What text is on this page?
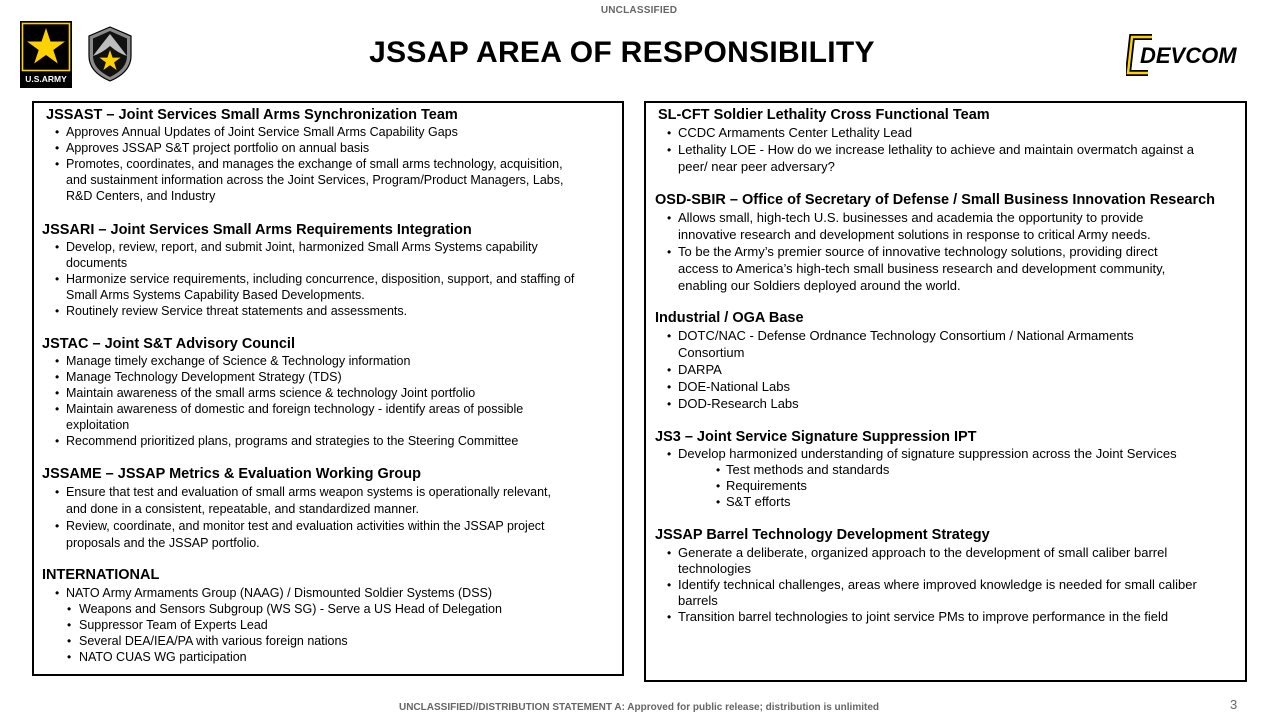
UNCLASSIFIED
U.S.ARMY
DEVCOM
JSSAP AREA OF RESPONSIBILITY
JSSAST – Joint Services Small Arms Synchronization Team
• Approves Annual Updates of Joint Service Small Arms Capability Gaps
• Approves JSSAP S&T project portfolio on annual basis
• Promotes, coordinates, and manages the exchange of small arms technology, acquisition,
and sustainment information across the Joint Services, Program/Product Managers, Labs,
R&D Centers, and Industry
JSSARI – Joint Services Small Arms Requirements Integration
• Develop, review, report, and submit Joint, harmonized Small Arms Systems capability
documents
• Harmonize service requirements, including concurrence, disposition, support, and staffing of
Small Arms Systems Capability Based Developments.
• Routinely review Service threat statements and assessments.
JSTAC – Joint S&T Advisory Council
• Manage timely exchange of Science & Technology information
• Manage Technology Development Strategy (TDS)
• Maintain awareness of the small arms science & technology Joint portfolio
• Maintain awareness of domestic and foreign technology - identify areas of possible
exploitation
• Recommend prioritized plans, programs and strategies to the Steering Committee
JSSAME – JSSAP Metrics & Evaluation Working Group
• Ensure that test and evaluation of small arms weapon systems is operationally relevant,
and done in a consistent, repeatable, and standardized manner.
• Review, coordinate, and monitor test and evaluation activities within the JSSAP project
proposals and the JSSAP portfolio.
INTERNATIONAL
• NATO Army Armaments Group (NAAG) / Dismounted Soldier Systems (DSS)
• Weapons and Sensors Subgroup (WS SG) - Serve a US Head of Delegation
• Suppressor Team of Experts Lead
• Several DEA/IEA/PA with various foreign nations
• NATO CUAS WG participation
SL-CFT Soldier Lethality Cross Functional Team
• CCDC Armaments Center Lethality Lead
• Lethality LOE - How do we increase lethality to achieve and maintain overmatch against a
peer/ near peer adversary?
OSD-SBIR – Office of Secretary of Defense / Small Business Innovation Research
• Allows small, high-tech U.S. businesses and academia the opportunity to provide
innovative research and development solutions in response to critical Army needs.
• To be the Army’s premier source of innovative technology solutions, providing direct
access to America’s high-tech small business research and development community,
enabling our Soldiers deployed around the world.
Industrial / OGA Base
• DOTC/NAC - Defense Ordnance Technology Consortium / National Armaments
Consortium
• DARPA
• DOE-National Labs
• DOD-Research Labs
JS3 – Joint Service Signature Suppression IPT
• Develop harmonized understanding of signature suppression across the Joint Services
• Test methods and standards
• Requirements
• S&T efforts
JSSAP Barrel Technology Development Strategy
• Generate a deliberate, organized approach to the development of small caliber barrel
technologies
• Identify technical challenges, areas where improved knowledge is needed for small caliber
barrels
• Transition barrel technologies to joint service PMs to improve performance in the field
UNCLASSIFIED//DISTRIBUTION STATEMENT A: Approved for public release; distribution is unlimited	3
